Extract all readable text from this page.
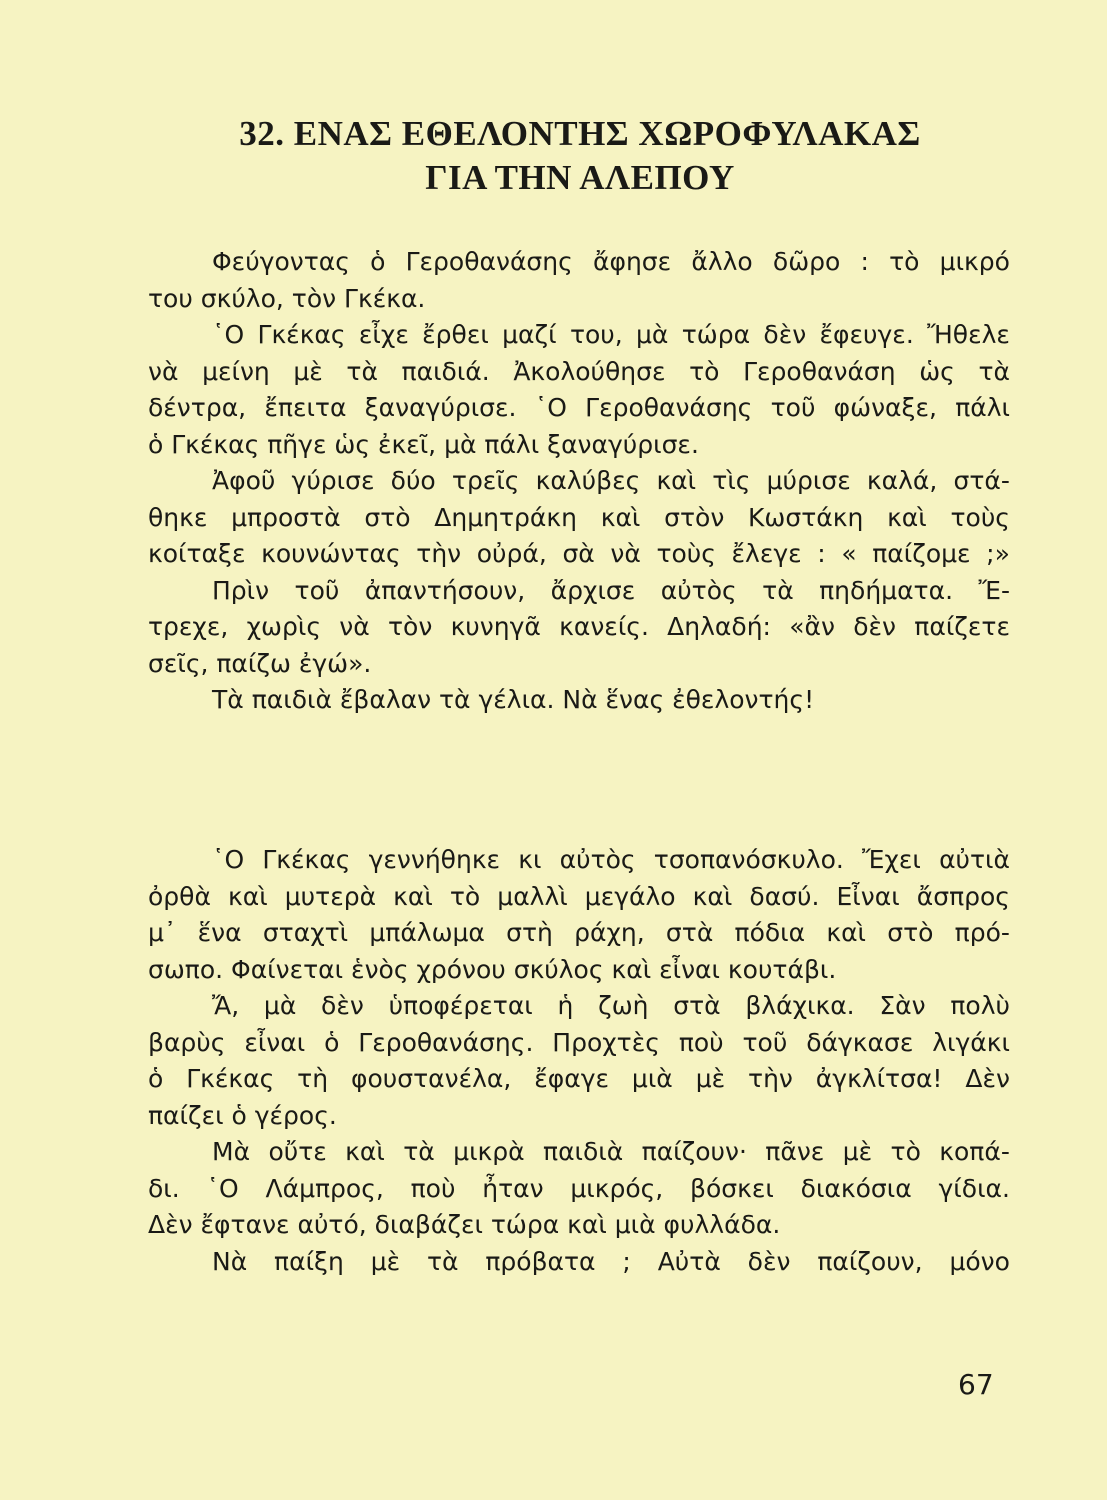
32. ΕΝΑΣ ΕΘΕΛΟΝΤΗΣ ΧΩΡΟΦΥΛΑΚΑΣ
ΓΙΑ ΤΗΝ ΑΛΕΠΟΥ
Φεύγοντας ὁ Γεροθανάσης ἄφησε ἄλλο δῶρο : τὸ μικρό
του σκύλο, τὸν Γκέκα.
῾Ο Γκέκας εἶχε ἔρθει μαζί του, μὰ τώρα δὲν ἔφευγε. Ἤθελε
νὰ μείνη μὲ τὰ παιδιά. Ἀκολούθησε τὸ Γεροθανάση ὡς τὰ
δέντρα, ἔπειτα ξαναγύρισε. ῾Ο Γεροθανάσης τοῦ φώναξε, πάλι
ὁ Γκέκας πῆγε ὡς ἐκεῖ, μὰ πάλι ξαναγύρισε.
Ἀφοῦ γύρισε δύο τρεῖς καλύβες καὶ τὶς μύρισε καλά, στά-
θηκε μπροστὰ στὸ Δημητράκη καὶ στὸν Κωστάκη καὶ τοὺς
κοίταξε κουνώντας τὴν οὐρά, σὰ νὰ τοὺς ἔλεγε : « παίζομε ;»
Πρὶν τοῦ ἀπαντήσουν, ἄρχισε αὐτὸς τὰ πηδήματα. Ἔ-
τρεχε, χωρὶς νὰ τὸν κυνηγᾶ κανείς. Δηλαδή: «ἂν δὲν παίζετε
σεῖς, παίζω ἐγώ».
Τὰ παιδιὰ ἔβαλαν τὰ γέλια. Νὰ ἕνας ἐθελοντής!
῾Ο Γκέκας γεννήθηκε κι αὐτὸς τσοπανόσκυλο. Ἔχει αὐτιὰ
ὀρθὰ καὶ μυτερὰ καὶ τὸ μαλλὶ μεγάλο καὶ δασύ. Εἶναι ἄσπρος
μ᾽ ἕνα σταχτὶ μπάλωμα στὴ ράχη, στὰ πόδια καὶ στὸ πρό-
σωπο. Φαίνεται ἑνὸς χρόνου σκύλος καὶ εἶναι κουτάβι.
Ἄ, μὰ δὲν ὑποφέρεται ἡ ζωὴ στὰ βλάχικα. Σὰν πολὺ
βαρὺς εἶναι ὁ Γεροθανάσης. Προχτὲς ποὺ τοῦ δάγκασε λιγάκι
ὁ Γκέκας τὴ φουστανέλα, ἔφαγε μιὰ μὲ τὴν ἀγκλίτσα! Δὲν
παίζει ὁ γέρος.
Μὰ οὔτε καὶ τὰ μικρὰ παιδιὰ παίζουν· πᾶνε μὲ τὸ κοπά-
δι. ῾Ο Λάμπρος, ποὺ ἦταν μικρός, βόσκει διακόσια γίδια.
Δὲν ἔφτανε αὐτό, διαβάζει τώρα καὶ μιὰ φυλλάδα.
Νὰ παίξη μὲ τὰ πρόβατα ; Αὐτὰ δὲν παίζουν, μόνο
67
